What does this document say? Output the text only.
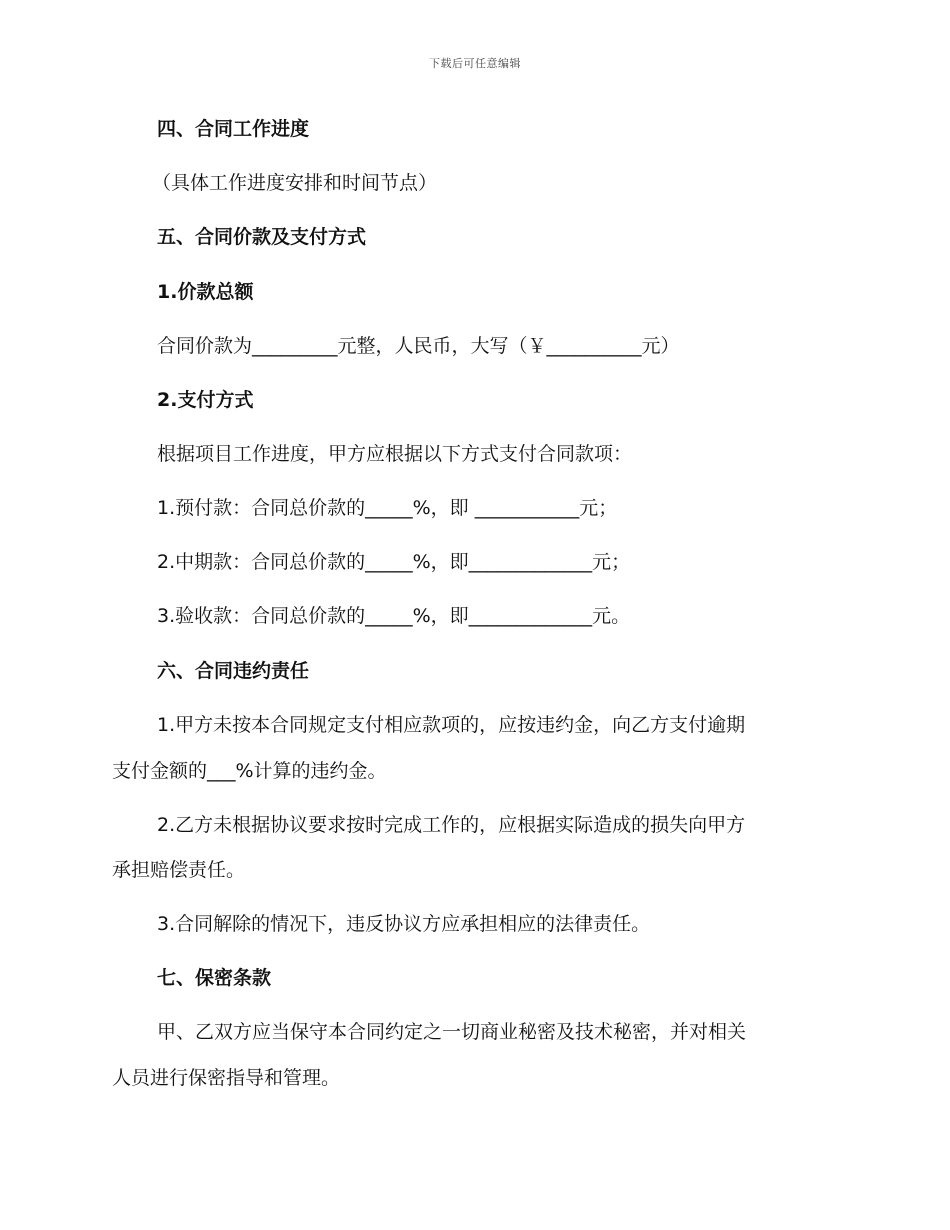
下载后可任意编辑
四、合同工作进度
（具体工作进度安排和时间节点）
五、合同价款及支付方式
1.价款总额
合同价款为_________元整，人民币，大写（￥__________元）
2.支付方式
根据项目工作进度，甲方应根据以下方式支付合同款项：
1.预付款：合同总价款的_____%，即 ___________元；
2.中期款：合同总价款的_____%，即_____________元；
3.验收款：合同总价款的_____%，即_____________元。
六、合同违约责任
1.甲方未按本合同规定支付相应款项的，应按违约金，向乙方支付逾期
支付金额的___%计算的违约金。
2.乙方未根据协议要求按时完成工作的，应根据实际造成的损失向甲方
承担赔偿责任。
3.合同解除的情况下，违反协议方应承担相应的法律责任。
七、保密条款
甲、乙双方应当保守本合同约定之一切商业秘密及技术秘密，并对相关
人员进行保密指导和管理。
